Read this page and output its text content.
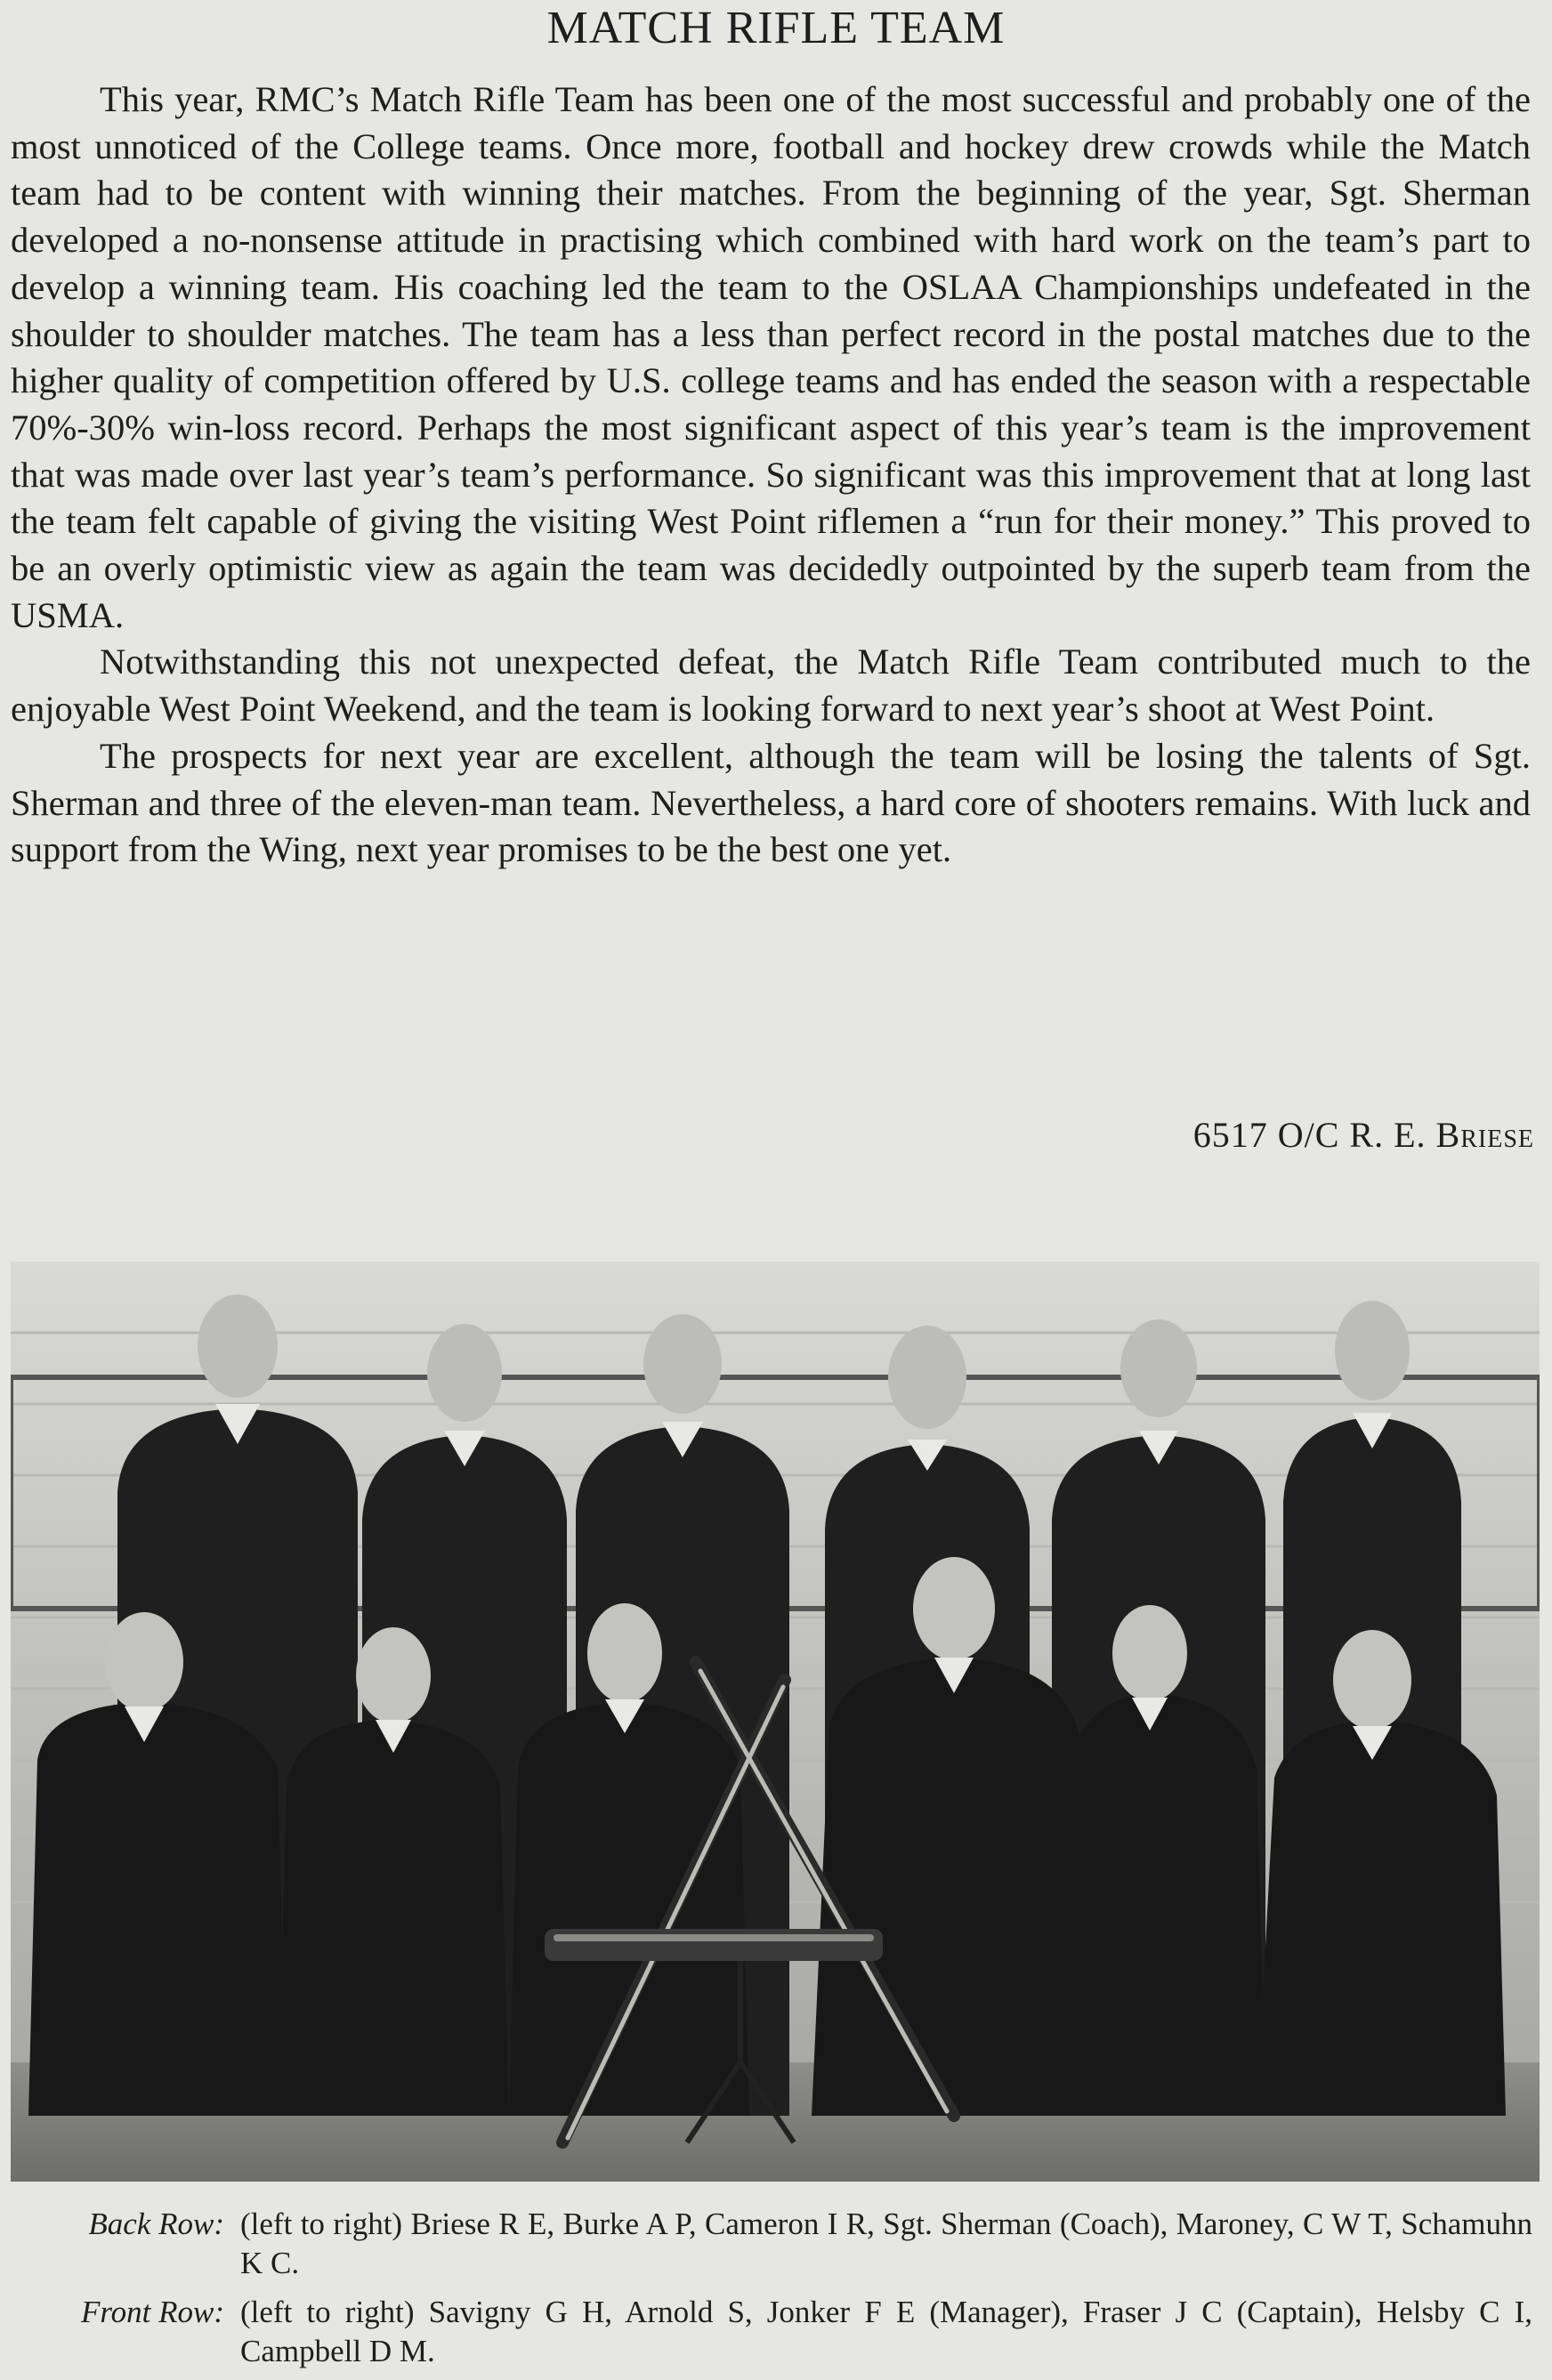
MATCH RIFLE TEAM

This year, RMC’s Match Rifle Team has been one of the most successful and probably one of the most unnoticed of the College teams. Once more, football and hockey drew crowds while the Match team had to be content with winning their matches. From the beginning of the year, Sgt. Sherman developed a no-nonsense attitude in practising which combined with hard work on the team’s part to develop a winning team. His coaching led the team to the OSLAA Championships undefeated in the shoulder to shoulder matches. The team has a less than perfect record in the postal matches due to the higher quality of competition offered by U.S. college teams and has ended the season with a respectable 70%-30% win-loss record. Perhaps the most significant aspect of this year’s team is the improvement that was made over last year’s team’s performance. So significant was this improvement that at long last the team felt capable of giving the visiting West Point riflemen a “run for their money.” This proved to be an overly optimistic view as again the team was decidedly outpointed by the superb team from the USMA.

Notwithstanding this not unexpected defeat, the Match Rifle Team contributed much to the enjoyable West Point Weekend, and the team is looking forward to next year’s shoot at West Point.

The prospects for next year are excellent, although the team will be losing the talents of Sgt. Sherman and three of the eleven-man team. Nevertheless, a hard core of shooters remains. With luck and support from the Wing, next year promises to be the best one yet.

6517 O/C R. E. Briese
Back Row: (left to right) Briese R E, Burke A P, Cameron I R, Sgt. Sherman (Coach), Maroney, C W T, Schamuhn K C.
Front Row: (left to right) Savigny G H, Arnold S, Jonker F E (Manager), Fraser J C (Captain), Helsby C I, Campbell D M.
